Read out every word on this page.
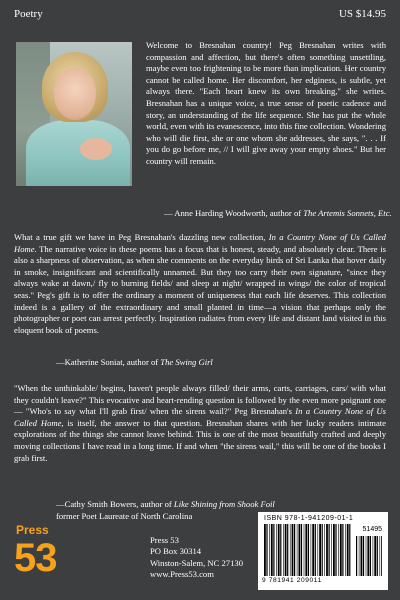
Poetry	US $14.95
Welcome to Bresnahan country! Peg Bresnahan writes with compassion and affection, but there's often something unsettling, maybe even too frightening to be more than implication. Her country cannot be called home. Her discomfort, her edginess, is subtle, yet always there. "Each heart knew its own breaking," she writes. Bresnahan has a unique voice, a true sense of poetic cadence and story, an understanding of the life sequence. She has put the whole world, even with its evanescence, into this fine collection. Wondering who will die first, she or one whom she addresses, she says, ". . . If you do go before me, // I will give away your empty shoes." But her country will remain.
— Anne Harding Woodworth, author of The Artemis Sonnets, Etc.
What a true gift we have in Peg Bresnahan's dazzling new collection, In a Country None of Us Called Home. The narrative voice in these poems has a focus that is honest, steady, and absolutely clear. There is also a sharpness of observation, as when she comments on the everyday birds of Sri Lanka that hover daily in smoke, insignificant and scientifically unnamed. But they too carry their own signature, "since they always wake at dawn,/ fly to burning fields/ and sleep at night/ wrapped in wings/ the color of tropical seas." Peg's gift is to offer the ordinary a moment of uniqueness that each life deserves. This collection indeed is a gallery of the extraordinary and small planted in time—a vision that perhaps only the photographer or poet can arrest perfectly. Inspiration radiates from every life and distant land visited in this eloquent book of poems.
—Katherine Soniat, author of The Swing Girl
"When the unthinkable/ begins, haven't people always filled/ their arms, carts, carriages, cars/ with what they couldn't leave?" This evocative and heart-rending question is followed by the even more poignant one— "Who's to say what I'll grab first/ when the sirens wail?" Peg Bresnahan's In a Country None of Us Called Home, is itself, the answer to that question. Bresnahan shares with her lucky readers intimate explorations of the things she cannot leave behind. This is one of the most beautifully crafted and deeply moving collections I have read in a long time. If and when "the sirens wail," this will be one of the books I grab first.
—Cathy Smith Bowers, author of Like Shining from Shook Foil
former Poet Laureate of North Carolina
Press
53	Press 53
PO Box 30314
Winston-Salem, NC 27130
www.Press53.com
ISBN 978-1-941209-01-1
51495
9 781941 209011
